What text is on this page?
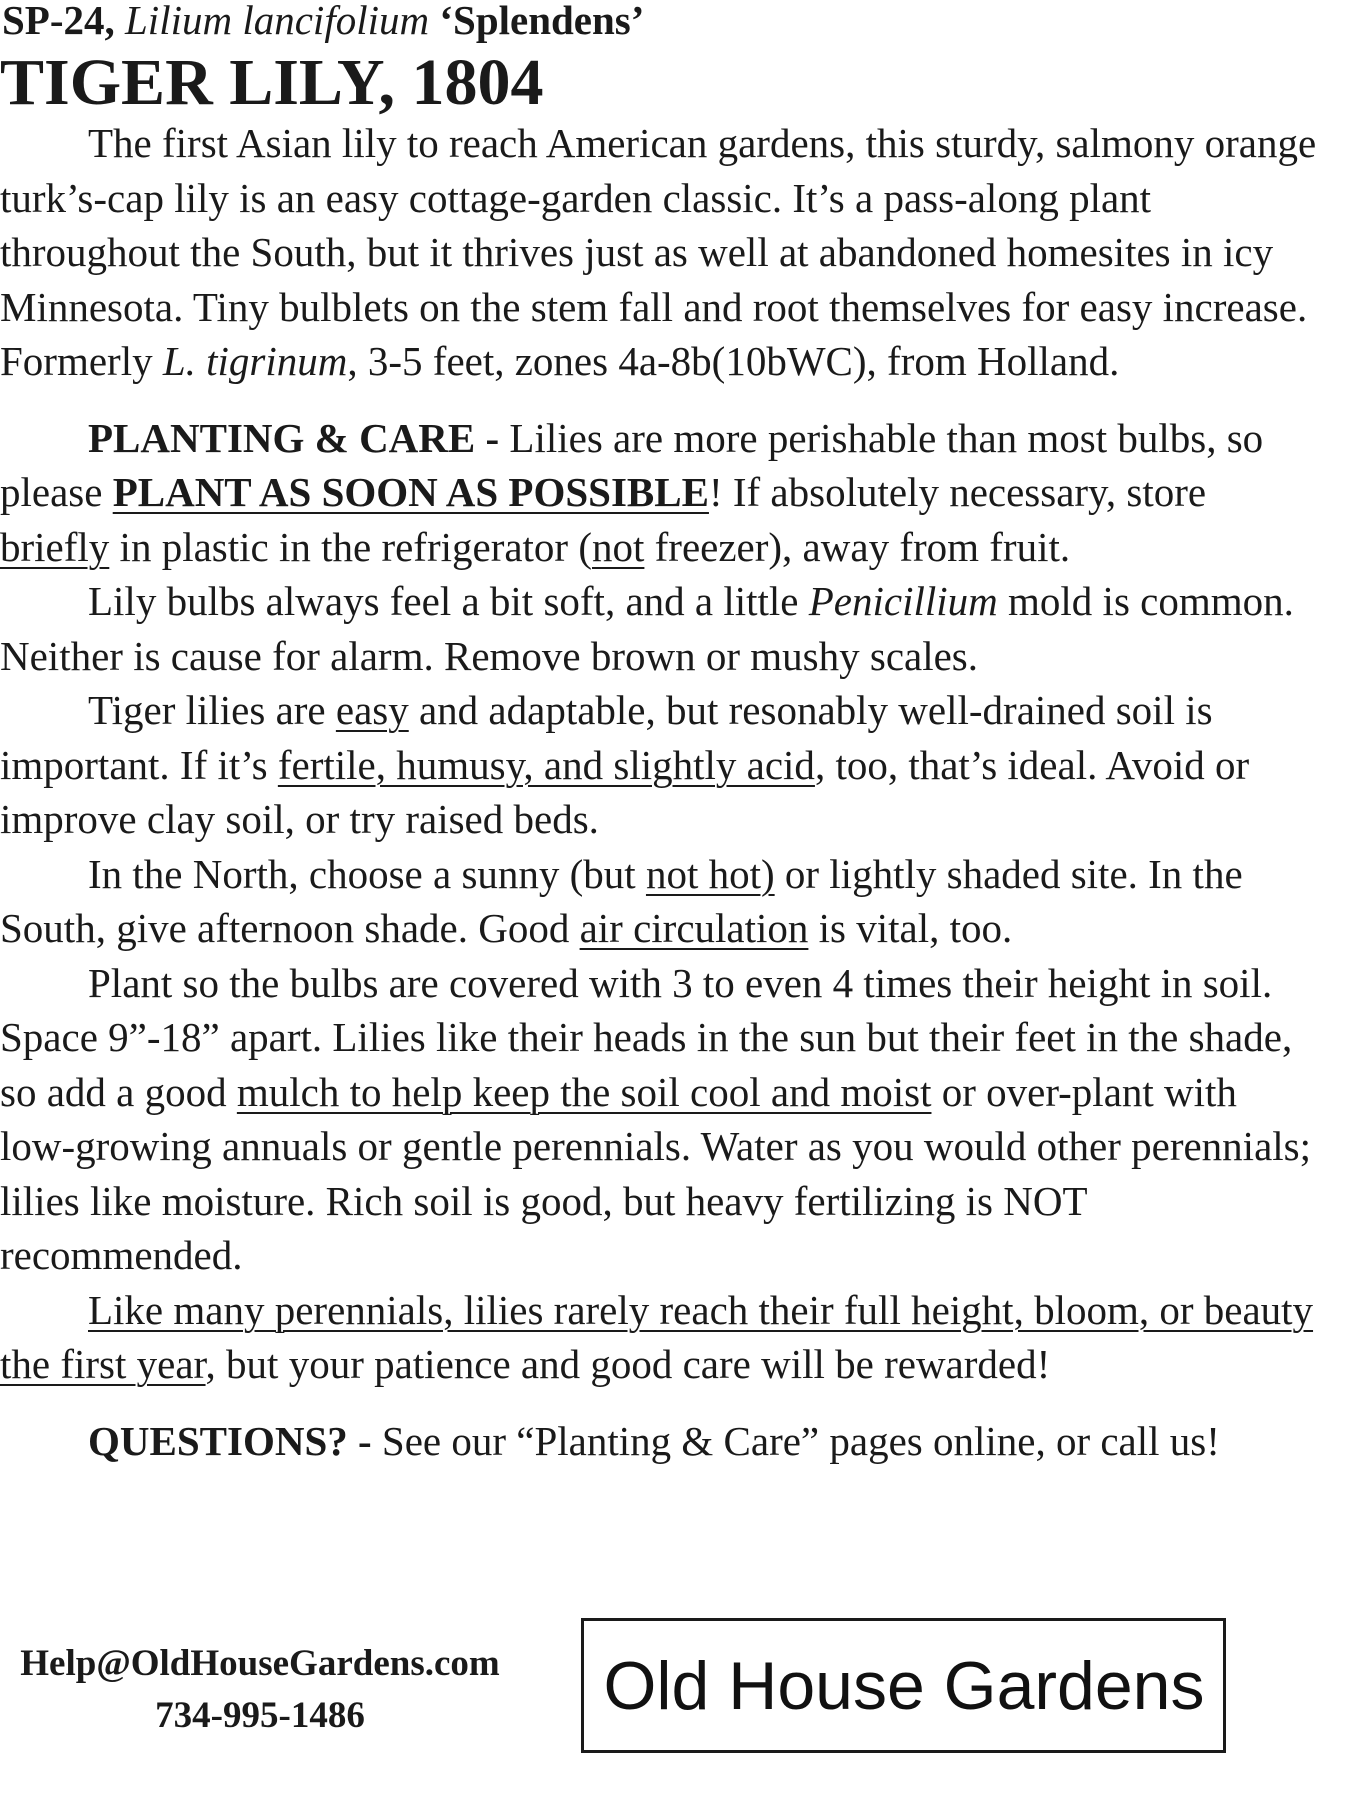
SP-24, Lilium lancifolium ‘Splendens’
TIGER LILY, 1804

The first Asian lily to reach American gardens, this sturdy, salmony orange turk’s-cap lily is an easy cottage-garden classic. It’s a pass-along plant throughout the South, but it thrives just as well at abandoned homesites in icy Minnesota. Tiny bulblets on the stem fall and root themselves for easy increase. Formerly L. tigrinum, 3-5 feet, zones 4a-8b(10bWC), from Holland.

PLANTING & CARE - Lilies are more perishable than most bulbs, so please PLANT AS SOON AS POSSIBLE! If absolutely necessary, store briefly in plastic in the refrigerator (not freezer), away from fruit.

Lily bulbs always feel a bit soft, and a little Penicillium mold is common. Neither is cause for alarm. Remove brown or mushy scales.

Tiger lilies are easy and adaptable, but resonably well-drained soil is important. If it’s fertile, humusy, and slightly acid, too, that’s ideal. Avoid or improve clay soil, or try raised beds.

In the North, choose a sunny (but not hot) or lightly shaded site. In the South, give afternoon shade. Good air circulation is vital, too.

Plant so the bulbs are covered with 3 to even 4 times their height in soil. Space 9”-18” apart. Lilies like their heads in the sun but their feet in the shade, so add a good mulch to help keep the soil cool and moist or over-plant with low-growing annuals or gentle perennials. Water as you would other perennials; lilies like moisture. Rich soil is good, but heavy fertilizing is NOT recommended.

Like many perennials, lilies rarely reach their full height, bloom, or beauty the first year, but your patience and good care will be rewarded!

QUESTIONS? - See our “Planting & Care” pages online, or call us!

Help@OldHouseGardens.com
734-995-1486	Old House Gardens
